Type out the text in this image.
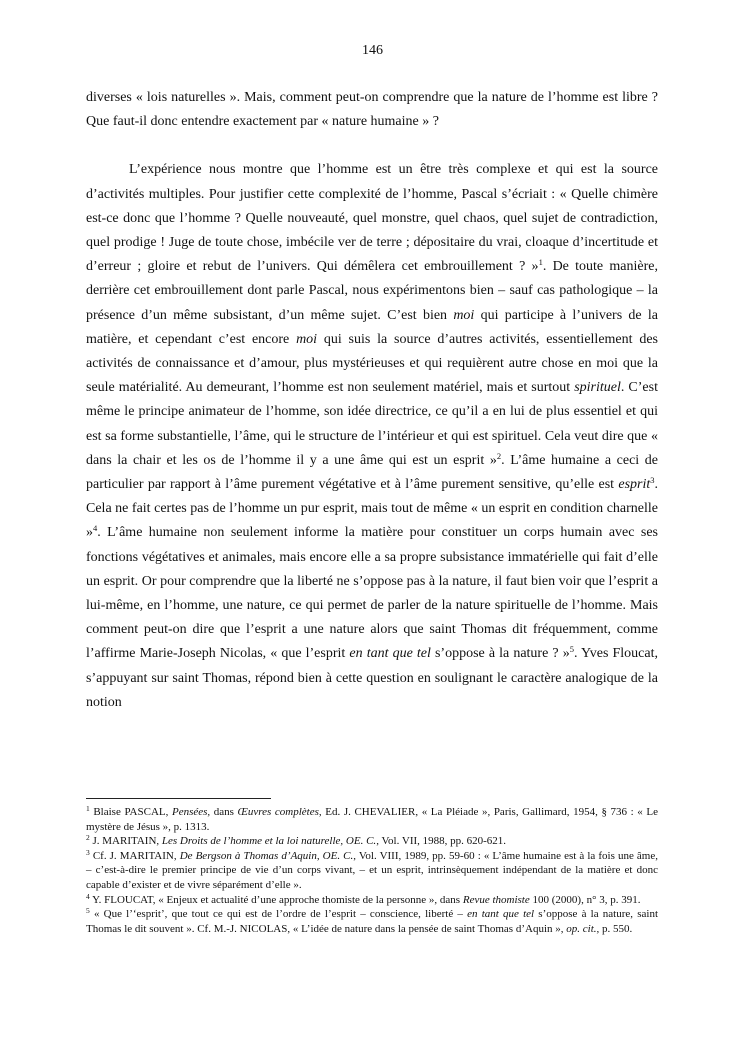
146

diverses « lois naturelles ». Mais, comment peut-on comprendre que la nature de l’homme est libre ? Que faut-il donc entendre exactement par « nature humaine » ?

L’expérience nous montre que l’homme est un être très complexe et qui est la source d’activités multiples. Pour justifier cette complexité de l’homme, Pascal s’écriait : « Quelle chimère est-ce donc que l’homme ? Quelle nouveauté, quel monstre, quel chaos, quel sujet de contradiction, quel prodige ! Juge de toute chose, imbécile ver de terre ; dépositaire du vrai, cloaque d’incertitude et d’erreur ; gloire et rebut de l’univers. Qui démêlera cet embrouillement ? »$^1$. De toute manière, derrière cet embrouillement dont parle Pascal, nous expérimentons bien – sauf cas pathologique – la présence d’un même subsistant, d’un même sujet. C’est bien moi qui participe à l’univers de la matière, et cependant c’est encore moi qui suis la source d’autres activités, essentiellement des activités de connaissance et d’amour, plus mystérieuses et qui requièrent autre chose en moi que la seule matérialité. Au demeurant, l’homme est non seulement matériel, mais et surtout spirituel. C’est même le principe animateur de l’homme, son idée directrice, ce qu’il a en lui de plus essentiel et qui est sa forme substantielle, l’âme, qui le structure de l’intérieur et qui est spirituel. Cela veut dire que « dans la chair et les os de l’homme il y a une âme qui est un esprit »$^2$. L’âme humaine a ceci de particulier par rapport à l’âme purement végétative et à l’âme purement sensitive, qu’elle est esprit$^3$. Cela ne fait certes pas de l’homme un pur esprit, mais tout de même « un esprit en condition charnelle »$^4$. L’âme humaine non seulement informe la matière pour constituer un corps humain avec ses fonctions végétatives et animales, mais encore elle a sa propre subsistance immatérielle qui fait d’elle un esprit. Or pour comprendre que la liberté ne s’oppose pas à la nature, il faut bien voir que l’esprit a lui-même, en l’homme, une nature, ce qui permet de parler de la nature spirituelle de l’homme. Mais comment peut-on dire que l’esprit a une nature alors que saint Thomas dit fréquemment, comme l’affirme Marie-Joseph Nicolas, « que l’esprit en tant que tel s’oppose à la nature ? »$^5$. Yves Floucat, s’appuyant sur saint Thomas, répond bien à cette question en soulignant le caractère analogique de la notion

$^1$ Blaise PASCAL, Pensées, dans Œuvres complètes, Ed. J. CHEVALIER, « La Pléiade », Paris, Gallimard, 1954, § 736 : « Le mystère de Jésus », p. 1313.

$^2$ J. MARITAIN, Les Droits de l’homme et la loi naturelle, OE. C., Vol. VII, 1988, pp. 620-621.

$^3$ Cf. J. MARITAIN, De Bergson à Thomas d’Aquin, OE. C., Vol. VIII, 1989, pp. 59-60 : « L’âme humaine est à la fois une âme, – c’est-à-dire le premier principe de vie d’un corps vivant, – et un esprit, intrinsèquement indépendant de la matière et donc capable d’exister et de vivre séparément d’elle ».

$^4$ Y. FLOUCAT, « Enjeux et actualité d’une approche thomiste de la personne », dans Revue thomiste 100 (2000), n° 3, p. 391.

$^5$ « Que l’‘esprit’, que tout ce qui est de l’ordre de l’esprit – conscience, liberté – en tant que tel s’oppose à la nature, saint Thomas le dit souvent ». Cf. M.-J. NICOLAS, « L’idée de nature dans la pensée de saint Thomas d’Aquin », op. cit., p. 550.
